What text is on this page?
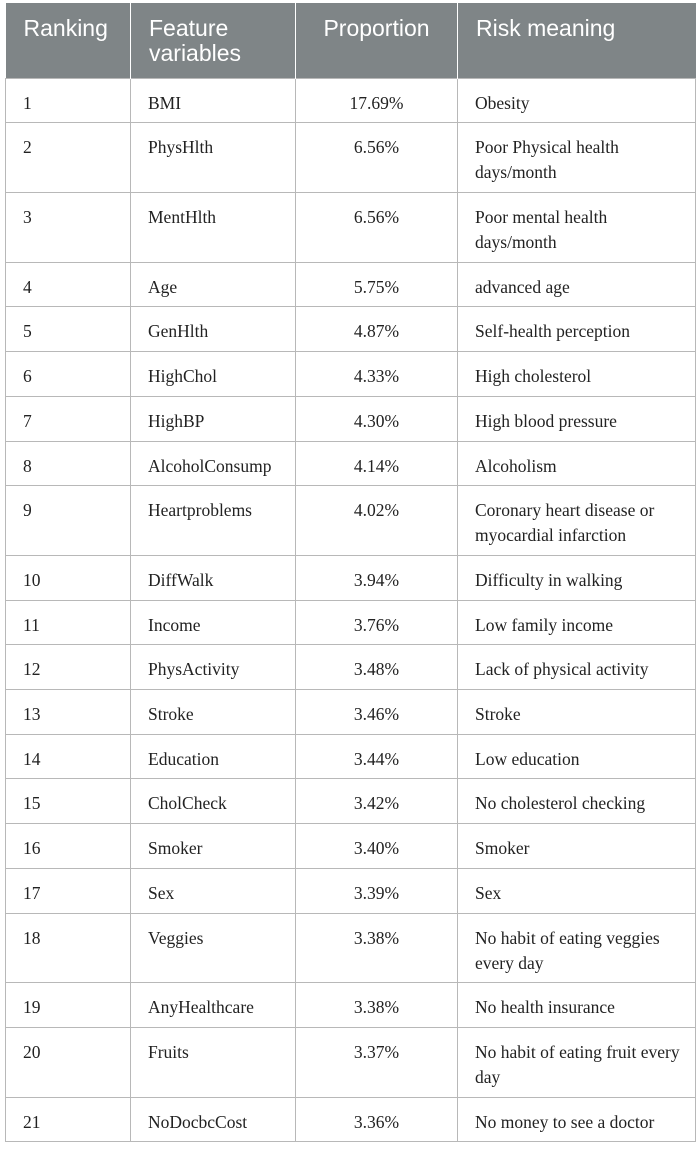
Ranking	Feature variables	Proportion	Risk meaning
1	BMI	17.69%	Obesity
2	PhysHlth	6.56%	Poor Physical health days/month
3	MentHlth	6.56%	Poor mental health days/month
4	Age	5.75%	advanced age
5	GenHlth	4.87%	Self-health perception
6	HighChol	4.33%	High cholesterol
7	HighBP	4.30%	High blood pressure
8	AlcoholConsump	4.14%	Alcoholism
9	Heartproblems	4.02%	Coronary heart disease or myocardial infarction
10	DiffWalk	3.94%	Difficulty in walking
11	Income	3.76%	Low family income
12	PhysActivity	3.48%	Lack of physical activity
13	Stroke	3.46%	Stroke
14	Education	3.44%	Low education
15	CholCheck	3.42%	No cholesterol checking
16	Smoker	3.40%	Smoker
17	Sex	3.39%	Sex
18	Veggies	3.38%	No habit of eating veggies every day
19	AnyHealthcare	3.38%	No health insurance
20	Fruits	3.37%	No habit of eating fruit every day
21	NoDocbcCost	3.36%	No money to see a doctor
